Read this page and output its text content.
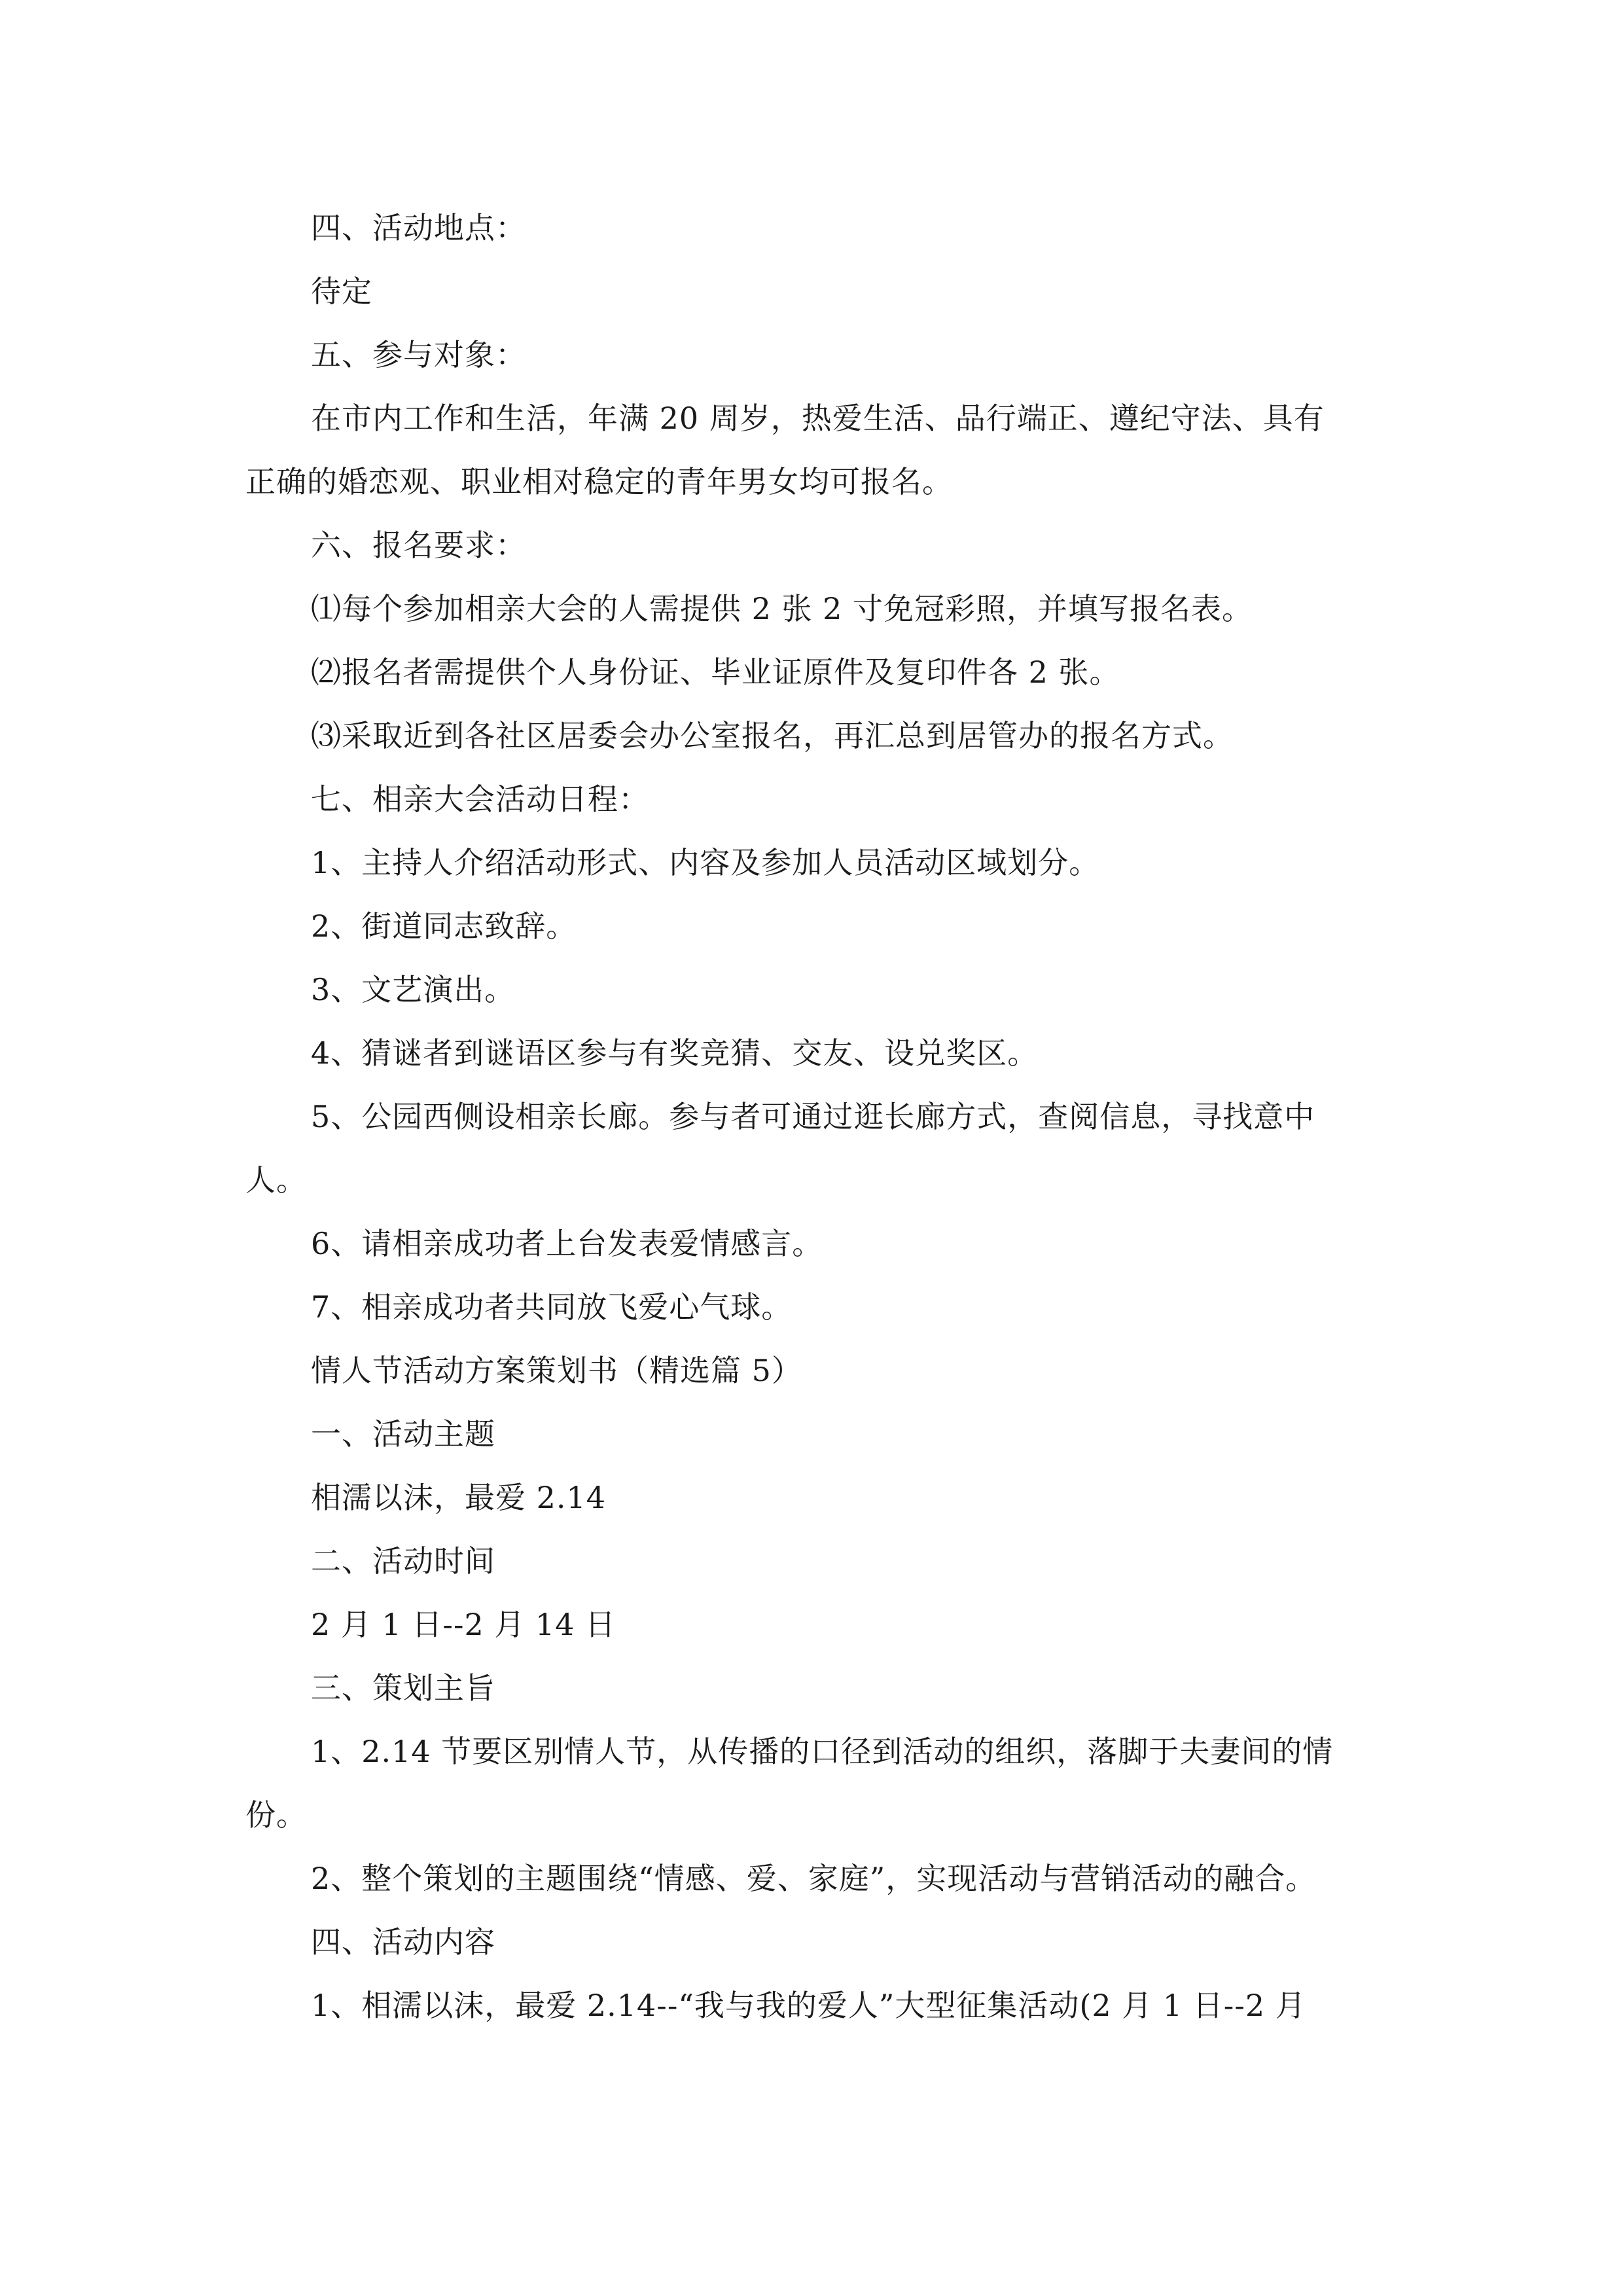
四、活动地点：
待定
五、参与对象：
在市内工作和生活，年满 20 周岁，热爱生活、品行端正、遵纪守法、具有
正确的婚恋观、职业相对稳定的青年男女均可报名。
六、报名要求：
⑴每个参加相亲大会的人需提供 2 张 2 寸免冠彩照，并填写报名表。
⑵报名者需提供个人身份证、毕业证原件及复印件各 2 张。
⑶采取近到各社区居委会办公室报名，再汇总到居管办的报名方式。
七、相亲大会活动日程：
1、主持人介绍活动形式、内容及参加人员活动区域划分。
2、街道同志致辞。
3、文艺演出。
4、猜谜者到谜语区参与有奖竞猜、交友、设兑奖区。
5、公园西侧设相亲长廊。参与者可通过逛长廊方式，查阅信息，寻找意中
人。
6、请相亲成功者上台发表爱情感言。
7、相亲成功者共同放飞爱心气球。
情人节活动方案策划书（精选篇 5）
一、活动主题
相濡以沫，最爱 2.14
二、活动时间
2 月 1 日--2 月 14 日
三、策划主旨
1、2.14 节要区别情人节，从传播的口径到活动的组织，落脚于夫妻间的情
份。
2、整个策划的主题围绕“情感、爱、家庭”，实现活动与营销活动的融合。
四、活动内容
1、相濡以沫，最爱 2.14--“我与我的爱人”大型征集活动(2 月 1 日--2 月
